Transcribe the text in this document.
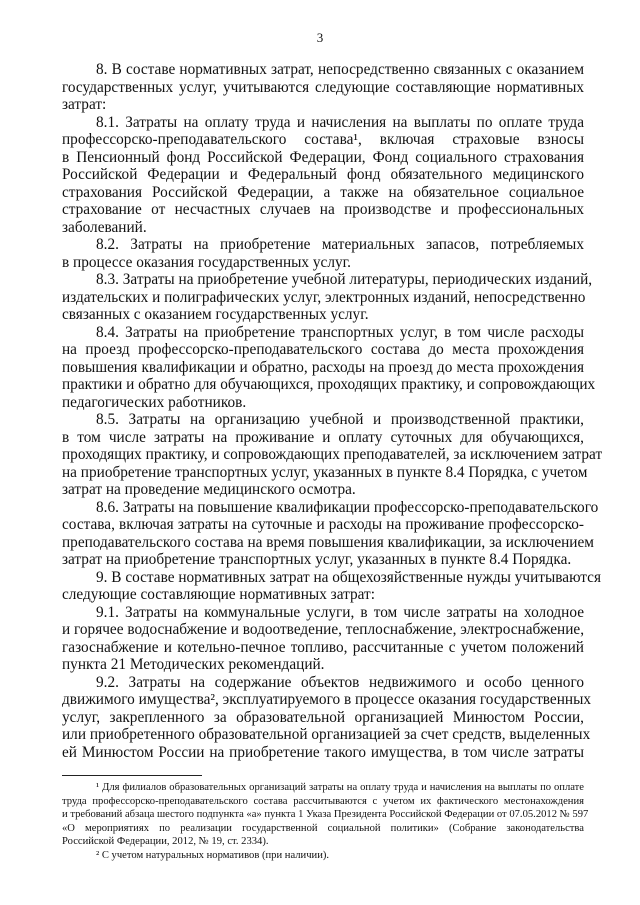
3
8. В составе нормативных затрат, непосредственно связанных с оказанием
государственных услуг, учитываются следующие составляющие нормативных
затрат:
8.1. Затраты на оплату труда и начисления на выплаты по оплате труда
профессорско-преподавательского состава¹, включая страховые взносы
в Пенсионный фонд Российской Федерации, Фонд социального страхования
Российской Федерации и Федеральный фонд обязательного медицинского
страхования Российской Федерации, а также на обязательное социальное
страхование от несчастных случаев на производстве и профессиональных
заболеваний.
8.2. Затраты на приобретение материальных запасов, потребляемых
в процессе оказания государственных услуг.
8.3. Затраты на приобретение учебной литературы, периодических изданий,
издательских и полиграфических услуг, электронных изданий, непосредственно
связанных с оказанием государственных услуг.
8.4. Затраты на приобретение транспортных услуг, в том числе расходы
на проезд профессорско-преподавательского состава до места прохождения
повышения квалификации и обратно, расходы на проезд до места прохождения
практики и обратно для обучающихся, проходящих практику, и сопровождающих
педагогических работников.
8.5. Затраты на организацию учебной и производственной практики,
в том числе затраты на проживание и оплату суточных для обучающихся,
проходящих практику, и сопровождающих преподавателей, за исключением затрат
на приобретение транспортных услуг, указанных в пункте 8.4 Порядка, с учетом
затрат на проведение медицинского осмотра.
8.6. Затраты на повышение квалификации профессорско-преподавательского
состава, включая затраты на суточные и расходы на проживание профессорско-
преподавательского состава на время повышения квалификации, за исключением
затрат на приобретение транспортных услуг, указанных в пункте 8.4 Порядка.
9. В составе нормативных затрат на общехозяйственные нужды учитываются
следующие составляющие нормативных затрат:
9.1. Затраты на коммунальные услуги, в том числе затраты на холодное
и горячее водоснабжение и водоотведение, теплоснабжение, электроснабжение,
газоснабжение и котельно-печное топливо, рассчитанные с учетом положений
пункта 21 Методических рекомендаций.
9.2. Затраты на содержание объектов недвижимого и особо ценного
движимого имущества², эксплуатируемого в процессе оказания государственных
услуг, закрепленного за образовательной организацией Минюстом России,
или приобретенного образовательной организацией за счет средств, выделенных
ей Минюстом России на приобретение такого имущества, в том числе затраты
¹ Для филиалов образовательных организаций затраты на оплату труда и начисления на выплаты по оплате
труда профессорско-преподавательского состава рассчитываются с учетом их фактического местонахождения
и требований абзаца шестого подпункта «а» пункта 1 Указа Президента Российской Федерации от 07.05.2012 № 597
«О мероприятиях по реализации государственной социальной политики» (Собрание законодательства
Российской Федерации, 2012, № 19, ст. 2334).
² С учетом натуральных нормативов (при наличии).
